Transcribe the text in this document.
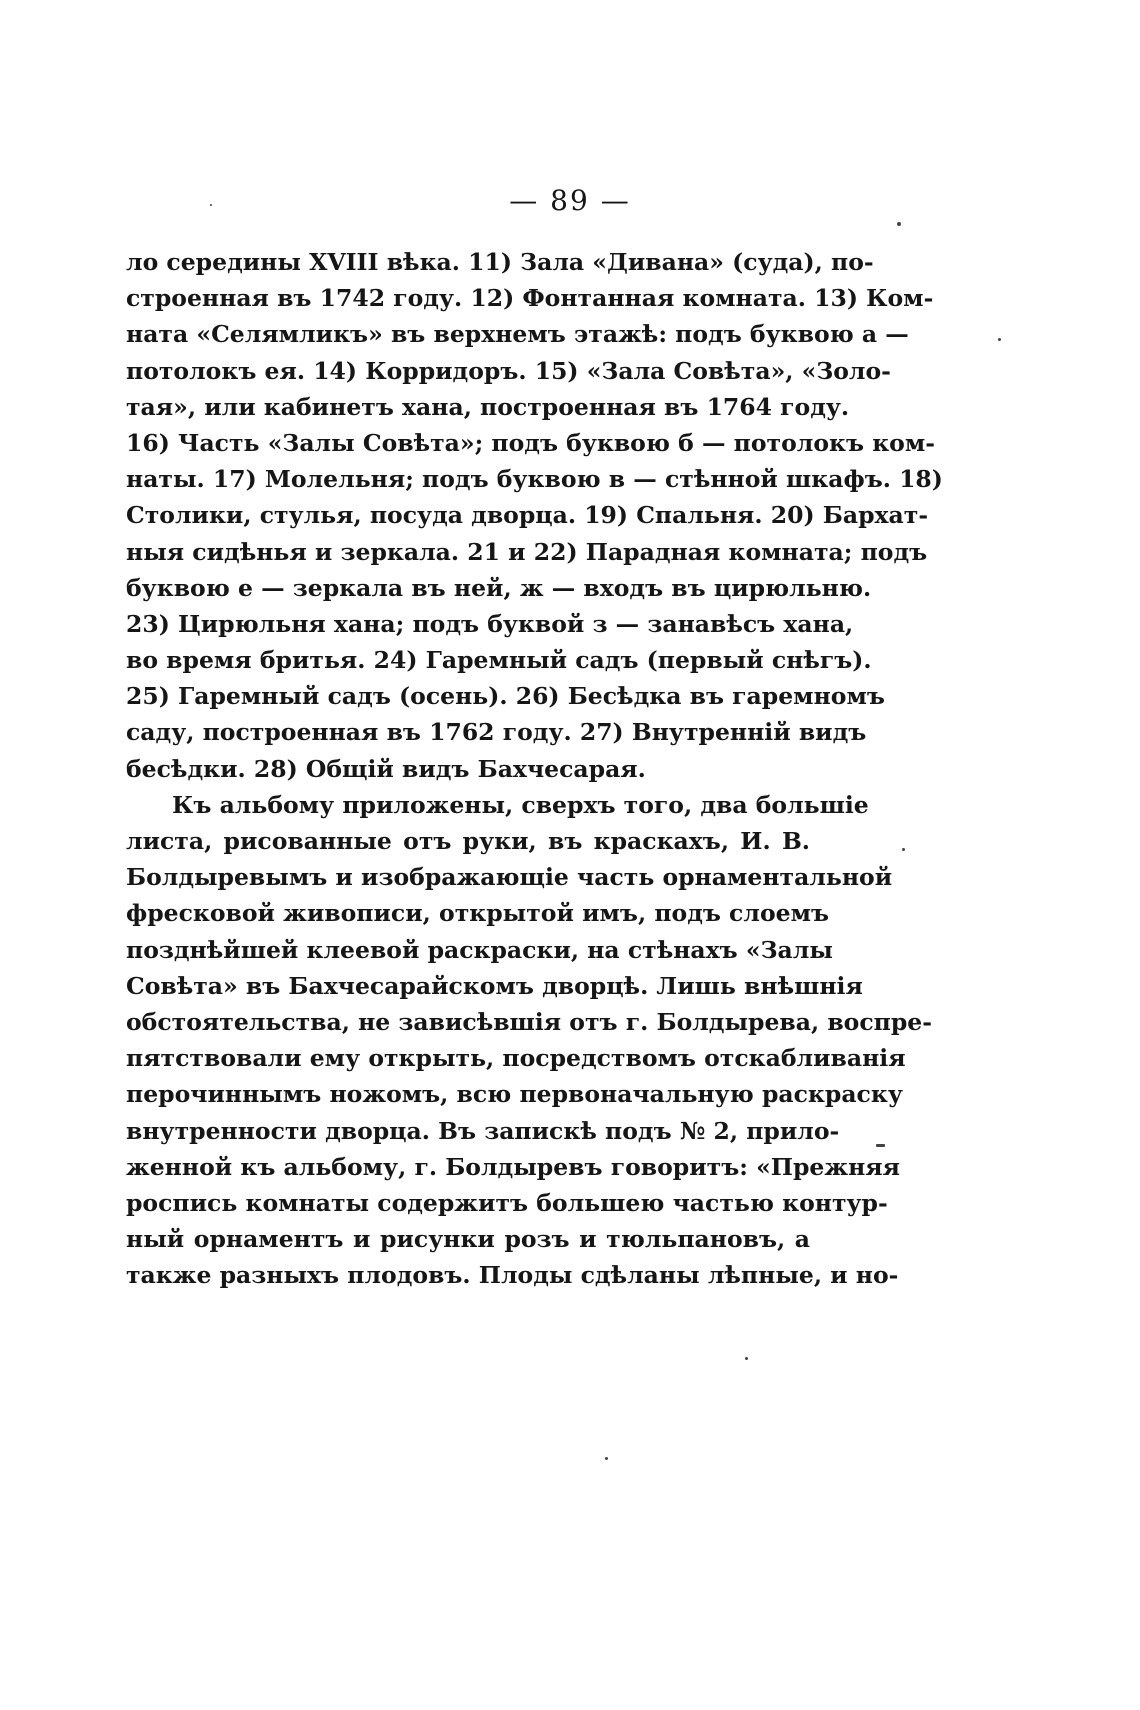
— 89 —
ло середины XVIII вѣка. 11) Зала «Дивана» (суда), по-
строенная въ 1742 году. 12) Фонтанная комната. 13) Ком-
ната «Селямликъ» въ верхнемъ этажѣ: подъ буквою а —
потолокъ ея. 14) Корридоръ. 15) «Зала Совѣта», «Золо-
тая», или кабинетъ хана, построенная въ 1764 году.
16) Часть «Залы Совѣта»; подъ буквою б — потолокъ ком-
наты. 17) Молельня; подъ буквою в — стѣнной шкафъ. 18)
Столики, стулья, посуда дворца. 19) Спальня. 20) Бархат-
ныя сидѣнья и зеркала. 21 и 22) Парадная комната; подъ
буквою е — зеркала въ ней, ж — входъ въ цирюльню.
23) Цирюльня хана; подъ буквой з — занавѣсъ хана,
во время бритья. 24) Гаремный садъ (первый снѣгъ).
25) Гаремный садъ (осень). 26) Бесѣдка въ гаремномъ
саду, построенная въ 1762 году. 27) Внутренній видъ
бесѣдки. 28) Общій видъ Бахчесарая.
Къ альбому приложены, сверхъ того, два большіе
листа, рисованные отъ руки, въ краскахъ, И. В.
Болдыревымъ и изображающіе часть орнаментальной
фресковой живописи, открытой имъ, подъ слоемъ
позднѣйшей клеевой раскраски, на стѣнахъ «Залы
Совѣта» въ Бахчесарайскомъ дворцѣ. Лишь внѣшнія
обстоятельства, не зависѣвшія отъ г. Болдырева, воспре-
пятствовали ему открыть, посредствомъ отскабливанія
перочиннымъ ножомъ, всю первоначальную раскраску
внутренности дворца. Въ запискѣ подъ № 2, прило-
женной къ альбому, г. Болдыревъ говоритъ: «Прежняя
роспись комнаты содержитъ большею частью контур-
ный орнаментъ и рисунки розъ и тюльпановъ, а
также разныхъ плодовъ. Плоды сдѣланы лѣпные, и но-
